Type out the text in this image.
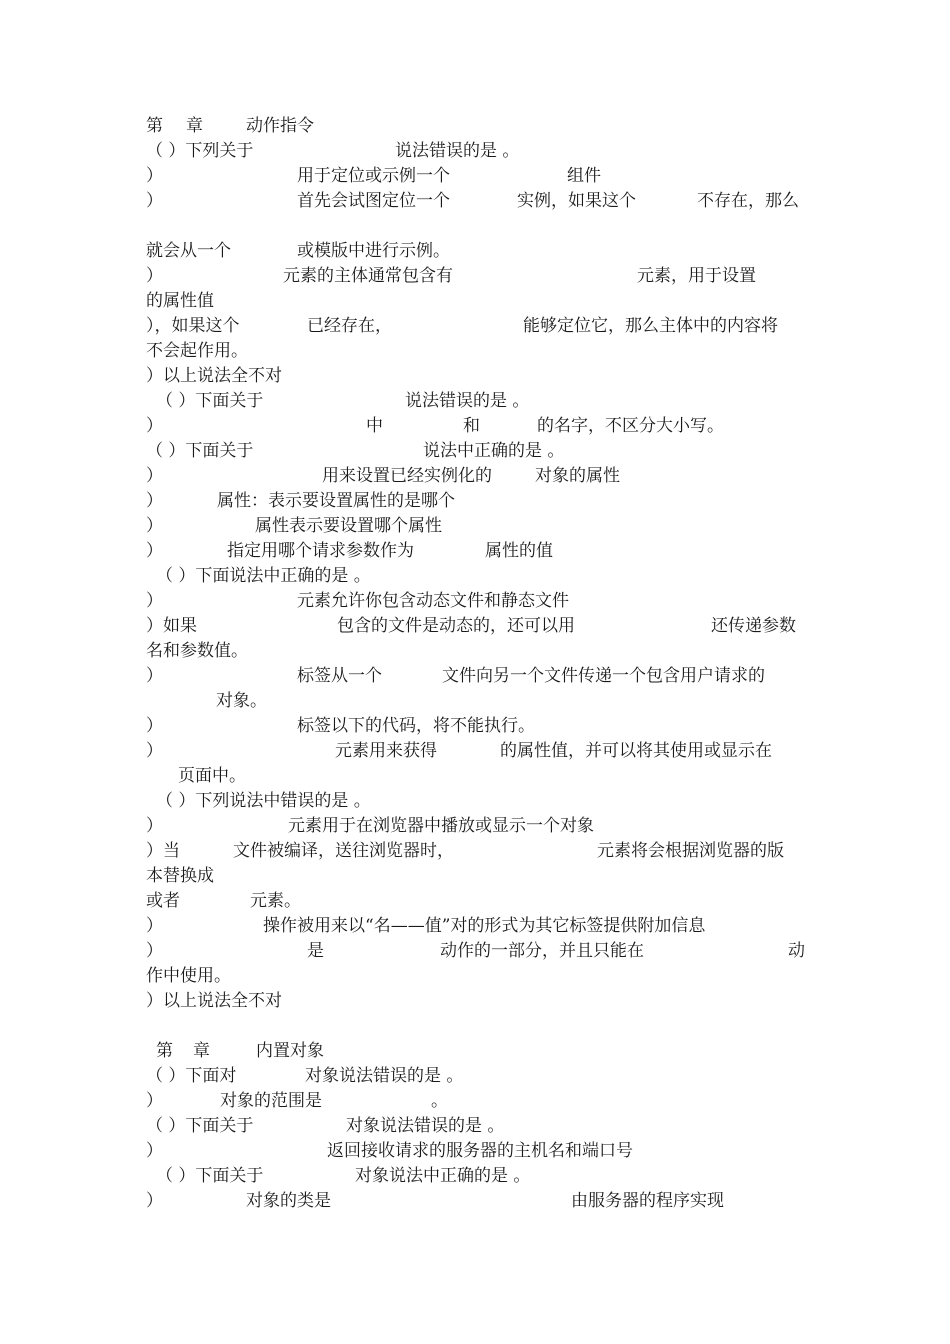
第 章	动作指令
（ ）下列关于	说法错误的是 。
）	用于定位或示例一个	组件
）	首先会试图定位一个	实例，如果这个	不存在，那么
就会从一个	或模版中进行示例。
）	元素的主体通常包含有	元素，用于设置
的属性值
），如果这个	已经存在，	能够定位它，那么主体中的内容将
不会起作用。
）以上说法全不对
（ ）下面关于	说法错误的是 。
）	中	和	的名字，不区分大小写。
（ ）下面关于	说法中正确的是 。
）	用来设置已经实例化的	对象的属性
）	属性：表示要设置属性的是哪个
）	属性表示要设置哪个属性
）	指定用哪个请求参数作为	属性的值
（ ）下面说法中正确的是 。
）	元素允许你包含动态文件和静态文件
）如果	包含的文件是动态的，还可以用	还传递参数
名和参数值。
）	标签从一个	文件向另一个文件传递一个包含用户请求的
对象。
）	标签以下的代码，将不能执行。
）	元素用来获得	的属性值，并可以将其使用或显示在
页面中。
（ ）下列说法中错误的是 。
）	元素用于在浏览器中播放或显示一个对象
）当	文件被编译，送往浏览器时，	元素将会根据浏览器的版
本替换成
或者	元素。
）	操作被用来以“名——值”对的形式为其它标签提供附加信息
）	是	动作的一部分，并且只能在	动
作中使用。
）以上说法全不对
第 章	内置对象
（ ）下面对	对象说法错误的是 。
）	对象的范围是	。
（ ）下面关于	对象说法错误的是 。
）	返回接收请求的服务器的主机名和端口号
（ ）下面关于	对象说法中正确的是 。
）	对象的类是	由服务器的程序实现
